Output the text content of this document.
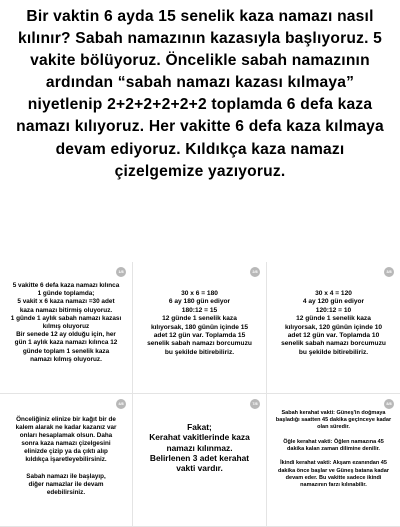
Bir vaktin 6 ayda 15 senelik kaza namazı nasıl kılınır? Sabah namazının kazasıyla başlıyoruz. 5 vakite bölüyoruz. Öncelikle sabah namazının ardından “sabah namazı kazası kılmaya” niyetlenip 2+2+2+2+2+2 toplamda 6 defa kaza namazı kılıyoruz. Her vakitte 6 defa kaza kılmaya devam ediyoruz. Kıldıkça kaza namazı çizelgemize yazıyoruz.
1/8
5 vakitte 6 defa kaza namazı kılınca
1 günde toplamda;
5 vakit x 6 kaza namazı =30 adet
kaza namazı bitirmiş oluyoruz.
1 günde 1 aylık sabah namazı kazası
kılmış oluyoruz
Bir senede 12 ay olduğu için, her
gün 1 aylık kaza namazı kılınca 12
günde toplam 1 senelik kaza
namazı kılmış oluyoruz.
2/8
30 x 6 = 180
6 ay 180 gün ediyor
180:12 = 15
12 günde 1 senelik kaza
kılıyorsak, 180 günün içinde 15
adet 12 gün var. Toplamda 15
senelik sabah namazı borcumuzu
bu şekilde bitirebiliriz.
3/8
30 x 4 = 120
4 ay 120 gün ediyor
120:12 = 10
12 günde 1 senelik kaza
kılıyorsak, 120 günün içinde 10
adet 12 gün var. Toplamda 10
senelik sabah namazı borcumuzu
bu şekilde bitirebiliriz.
4/8
Önceliğiniz elinize bir kağıt bir de
kalem alarak ne kadar kazanız var
onları hesaplamak olsun. Daha
sonra kaza namazı çizelgesini
elinizde çizip ya da çıktı alıp
kıldıkça işaretleyebilirsiniz.

Sabah namazı ile başlayıp,
diğer namazlar ile devam
edebilirsiniz.
7/8
Fakat;
Kerahat vakitlerinde kaza
namazı kılınmaz.
Belirlenen 3 adet kerahat
vakti vardır.
8/8
Sabah kerahat vakti: Güneş'in doğmaya
başladığı saatten 45 dakika geçinceye kadar
olan süredir.

Öğle kerahat vakti: Öğlen namazına 45
dakika kalan zaman dilimine denilir.

İkindi kerahat vakti: Akşam ezanından 45
dakika önce başlar ve Güneş batana kadar
devam eder. Bu vakitte sadece ikindi
namazının farzı kılınabilir.
